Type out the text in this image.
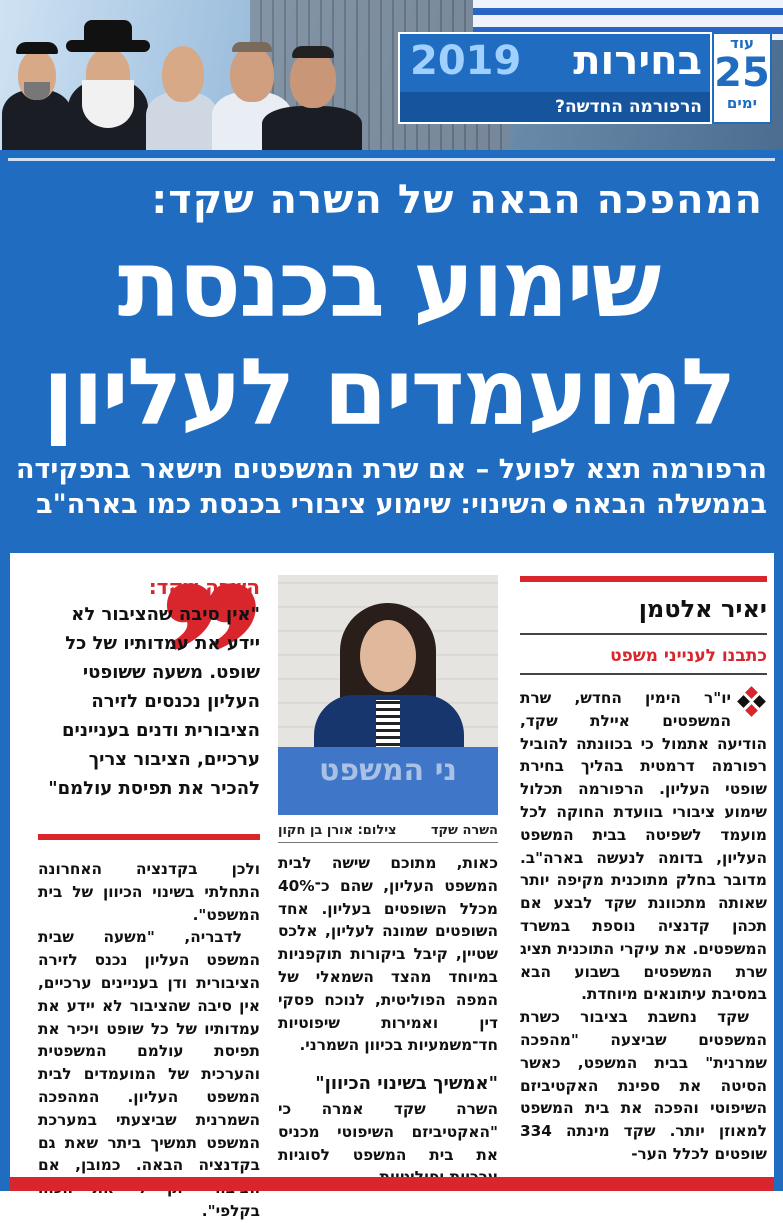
בחירות
2019
הרפורמה החדשה?
עוד
25
ימים
המהפכה הבאה של השרה שקד:
שימוע בכנסת
למועמדים לעליון
הרפורמה תצא לפועל – אם שרת המשפטים תישאר בתפקידה
בממשלה הבאההשינוי: שימוע ציבורי בכנסת כמו בארה"ב
יאיר אלטמן
כתבנו לענייני משפט

יו"ר הימין החדש, שרת המשפטים איילת שקד, הודיעה אתמול כי בכוונתה להוביל רפורמה דרמטית בהליך בחירת שופטי העליון. הרפורמה תכלול שימוע ציבורי בוועדת החוקה לכל מועמד לשפיטה בבית המשפט העליון, בדומה לנעשה בארה"ב. מדובר בחלק מתוכנית מקיפה יותר שאותה מתכוונת שקד לבצע אם תכהן קדנציה נוספת במשרד המשפטים. את עיקרי התוכנית תציג שרת המשפטים בשבוע הבא במסיבת עיתונאים מיוחדת.

שקד נחשבת בציבור כשרת המשפטים שביצעה "מהפכה שמרנית" בבית המשפט, כאשר הסיטה את ספינת האקטיביזם השיפוטי והפכה את בית המשפט למאוזן יותר. שקד מינתה 334 שופטים לכלל הער-

ני המשפט
השרה שקד
צילום: אורן בן חקון
כאות, מתוכם שישה לבית המשפט העליון, שהם כ־40% מכלל השופטים בעליון. אחד השופטים שמונה לעליון, אלכס שטיין, קיבל ביקורות תוקפניות במיוחד מהצד השמאלי של המפה הפוליטית, לנוכח פסקי דין ואמירות שיפוטיות חד־משמעיות בכיוון השמרני.
"אמשיך בשינוי הכיוון"
השרה שקד אמרה כי "האקטיביזם השיפוטי מכניס את בית המשפט לסוגיות
השרה שקד:
"אין סיבה שהציבור לא יידע את עמדותיו של כל שופט. משעה ששופטי העליון נכנסים לזירה הציבורית ודנים בעניינים ערכיים, הציבור צריך להכיר את תפיסת עולמם"

ולכן בקדנציה האחרונה התחלתי בשינוי הכיוון של בית המשפט".

לדבריה, "משעה שבית המשפט העליון נכנס לזירה הציבורית ודן בעניינים ערכיים, אין סיבה שהציבור לא יידע את עמדותיו של כל שופט ויכיר את תפיסת עולמם המשפטית והערכית של המועמדים לבית המשפט העליון. המהפכה השמרנית שביצעתי במערכת המשפט תמשיך ביתר שאת גם בקדנציה הבאה. כמובן, אם בקלפי".
